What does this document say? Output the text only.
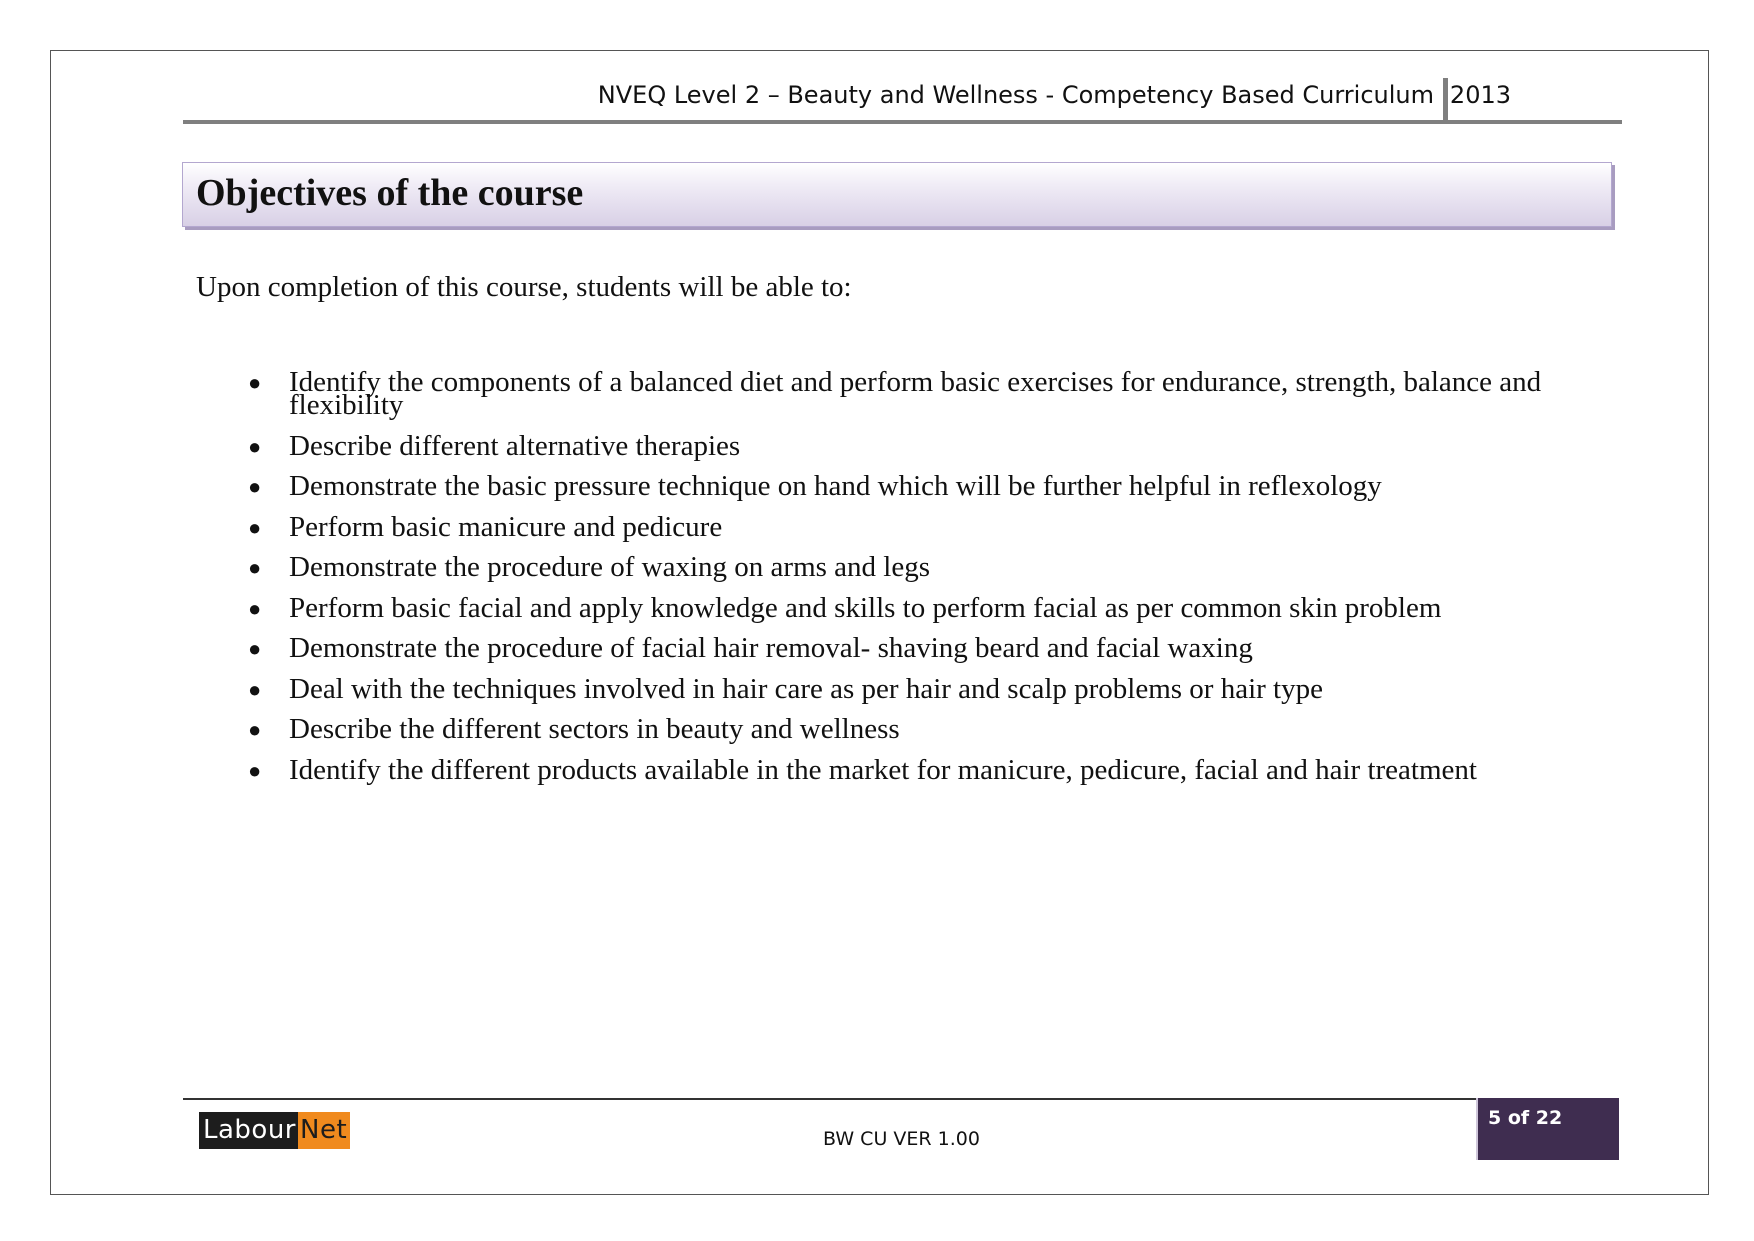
NVEQ Level 2 – Beauty and Wellness - Competency Based Curriculum 2013
Objectives of the course
Upon completion of this course, students will be able to:
● Identify the components of a balanced diet and perform basic exercises for endurance, strength, balance and flexibility
● Describe different alternative therapies
● Demonstrate the basic pressure technique on hand which will be further helpful in reflexology
● Perform basic manicure and pedicure
● Demonstrate the procedure of waxing on arms and legs
● Perform basic facial and apply knowledge and skills to perform facial as per common skin problem
● Demonstrate the procedure of facial hair removal- shaving beard and facial waxing
● Deal with the techniques involved in hair care as per hair and scalp problems or hair type
● Describe the different sectors in beauty and wellness
● Identify the different products available in the market for manicure, pedicure, facial and hair treatment
Labour Net	BW CU VER 1.00
5 of 22
